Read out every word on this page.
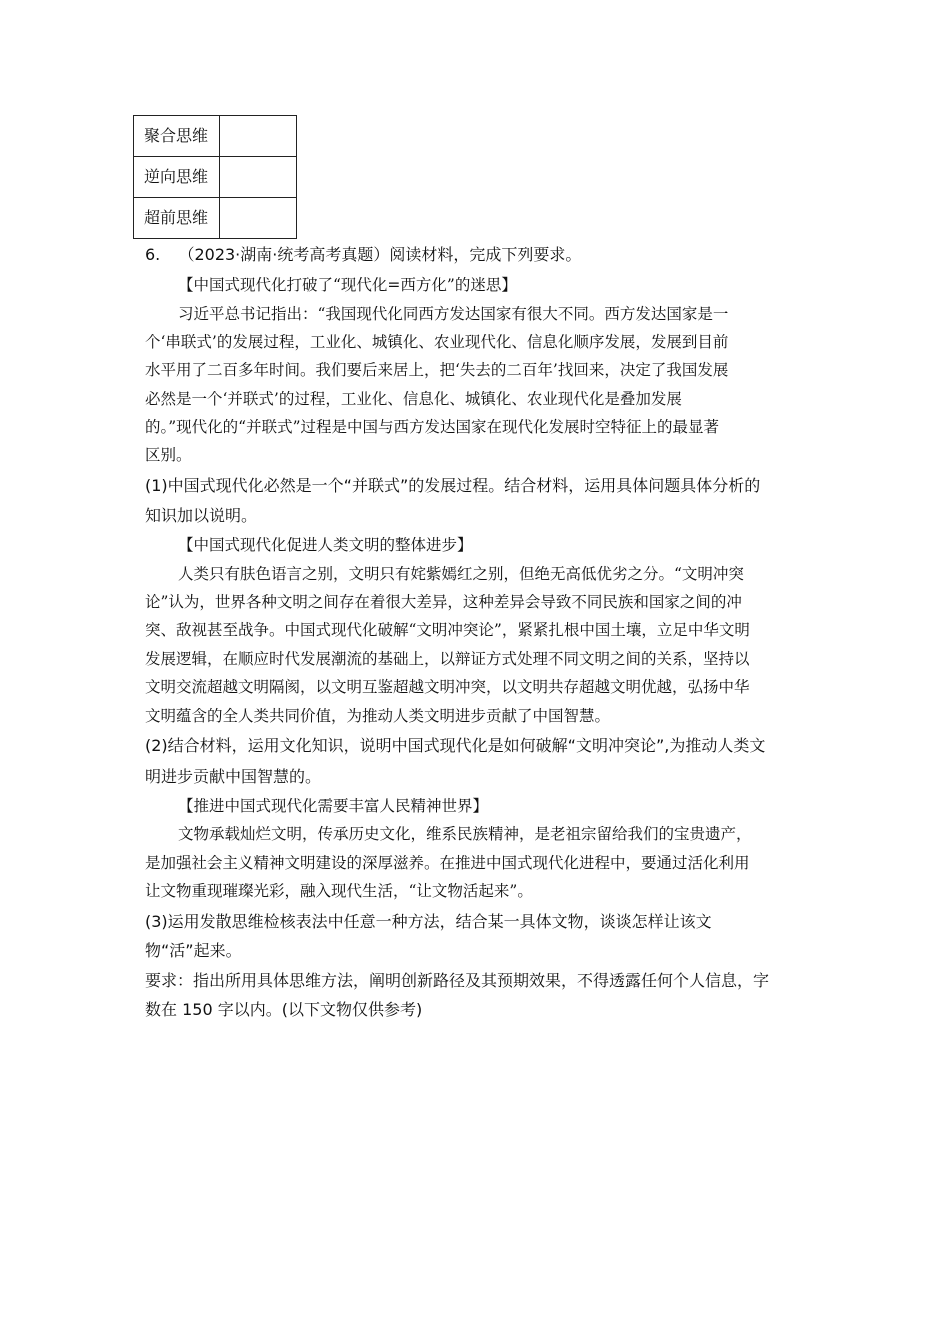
聚合思维	
逆向思维	
超前思维	
6. （2023·湖南·统考高考真题）阅读材料，完成下列要求。
【中国式现代化打破了“现代化=西方化”的迷思】
习近平总书记指出：“我国现代化同西方发达国家有很大不同。西方发达国家是一
个‘串联式’的发展过程，工业化、城镇化、农业现代化、信息化顺序发展，发展到目前
水平用了二百多年时间。我们要后来居上，把‘失去的二百年’找回来，决定了我国发展
必然是一个‘并联式’的过程，工业化、信息化、城镇化、农业现代化是叠加发展
的。”现代化的“并联式”过程是中国与西方发达国家在现代化发展时空特征上的最显著
区别。
(1)中国式现代化必然是一个“并联式”的发展过程。结合材料，运用具体问题具体分析的
知识加以说明。
【中国式现代化促进人类文明的整体进步】
人类只有肤色语言之别，文明只有姹紫嫣红之别，但绝无高低优劣之分。“文明冲突
论”认为，世界各种文明之间存在着很大差异，这种差异会导致不同民族和国家之间的冲
突、敌视甚至战争。中国式现代化破解“文明冲突论”，紧紧扎根中国土壤，立足中华文明
发展逻辑，在顺应时代发展潮流的基础上，以辩证方式处理不同文明之间的关系，坚持以
文明交流超越文明隔阂，以文明互鉴超越文明冲突，以文明共存超越文明优越，弘扬中华
文明蕴含的全人类共同价值，为推动人类文明进步贡献了中国智慧。
(2)结合材料，运用文化知识，说明中国式现代化是如何破解“文明冲突论”,为推动人类文
明进步贡献中国智慧的。
【推进中国式现代化需要丰富人民精神世界】
文物承载灿烂文明，传承历史文化，维系民族精神，是老祖宗留给我们的宝贵遗产，
是加强社会主义精神文明建设的深厚滋养。在推进中国式现代化进程中，要通过活化利用
让文物重现璀璨光彩，融入现代生活，“让文物活起来”。
(3)运用发散思维检核表法中任意一种方法，结合某一具体文物，谈谈怎样让该文
物“活”起来。
要求：指出所用具体思维方法，阐明创新路径及其预期效果，不得透露任何个人信息，字
数在 150 字以内。(以下文物仅供参考)
